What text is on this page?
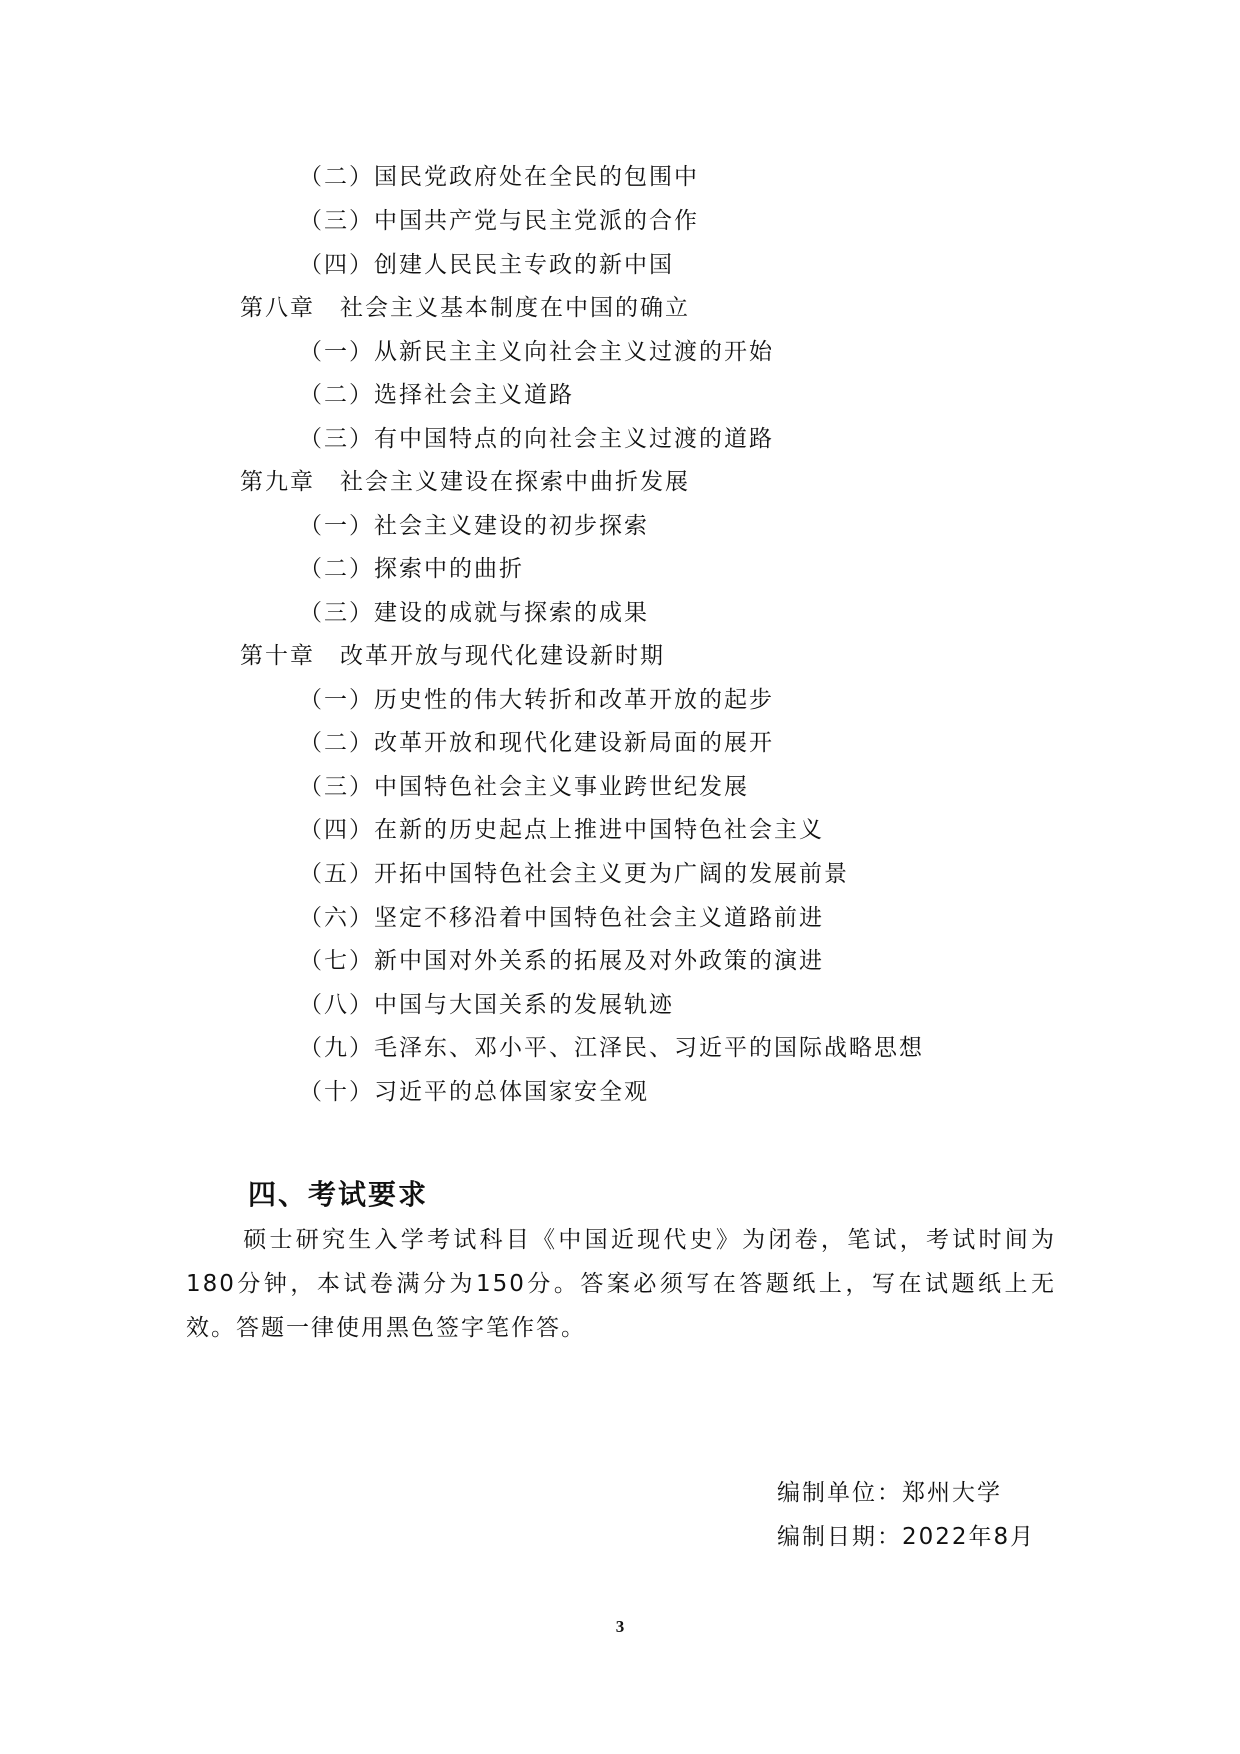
（二）国民党政府处在全民的包围中
（三）中国共产党与民主党派的合作
（四）创建人民民主专政的新中国
第八章 社会主义基本制度在中国的确立
（一）从新民主主义向社会主义过渡的开始
（二）选择社会主义道路
（三）有中国特点的向社会主义过渡的道路
第九章 社会主义建设在探索中曲折发展
（一）社会主义建设的初步探索
（二）探索中的曲折
（三）建设的成就与探索的成果
第十章 改革开放与现代化建设新时期
（一）历史性的伟大转折和改革开放的起步
（二）改革开放和现代化建设新局面的展开
（三）中国特色社会主义事业跨世纪发展
（四）在新的历史起点上推进中国特色社会主义
（五）开拓中国特色社会主义更为广阔的发展前景
（六）坚定不移沿着中国特色社会主义道路前进
（七）新中国对外关系的拓展及对外政策的演进
（八）中国与大国关系的发展轨迹
（九）毛泽东、邓小平、江泽民、习近平的国际战略思想
（十）习近平的总体国家安全观
四、考试要求
硕士研究生入学考试科目《中国近现代史》为闭卷，笔试，考试时间为180分钟，本试卷满分为150分。答案必须写在答题纸上，写在试题纸上无效。答题一律使用黑色签字笔作答。
编制单位：郑州大学
编制日期：2022年8月
3
